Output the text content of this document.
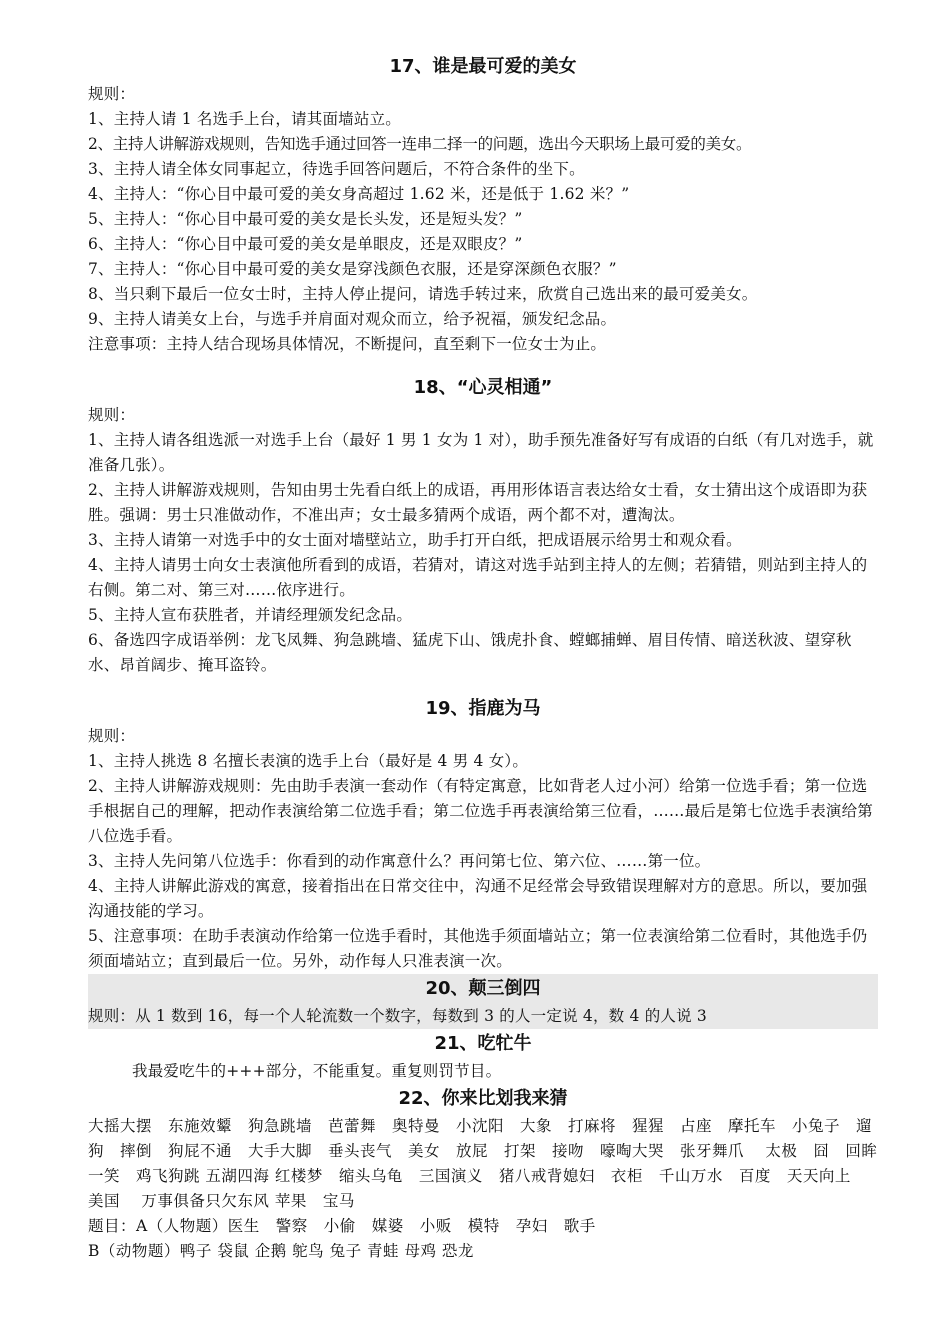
17、谁是最可爱的美女

规则：

1、主持人请 1 名选手上台，请其面墙站立。

2、主持人讲解游戏规则，告知选手通过回答一连串二择一的问题，选出今天职场上最可爱的美女。

3、主持人请全体女同事起立，待选手回答问题后，不符合条件的坐下。

4、主持人：“你心目中最可爱的美女身高超过 1.62 米，还是低于 1.62 米？”

5、主持人：“你心目中最可爱的美女是长头发，还是短头发？”

6、主持人：“你心目中最可爱的美女是单眼皮，还是双眼皮？”

7、主持人：“你心目中最可爱的美女是穿浅颜色衣服，还是穿深颜色衣服？”

8、当只剩下最后一位女士时，主持人停止提问，请选手转过来，欣赏自己选出来的最可爱美女。

9、主持人请美女上台，与选手并肩面对观众而立，给予祝福，颁发纪念品。

注意事项：主持人结合现场具体情况，不断提问，直至剩下一位女士为止。

18、“心灵相通”

规则：

1、主持人请各组选派一对选手上台（最好 1 男 1 女为 1 对），助手预先准备好写有成语的白纸（有几对选手，就准备几张）。

2、主持人讲解游戏规则，告知由男士先看白纸上的成语，再用形体语言表达给女士看，女士猜出这个成语即为获胜。强调：男士只准做动作，不准出声；女士最多猜两个成语，两个都不对，遭淘汰。

3、主持人请第一对选手中的女士面对墙壁站立，助手打开白纸，把成语展示给男士和观众看。

4、主持人请男士向女士表演他所看到的成语，若猜对，请这对选手站到主持人的左侧；若猜错，则站到主持人的右侧。第二对、第三对……依序进行。

5、主持人宣布获胜者，并请经理颁发纪念品。

6、备选四字成语举例：龙飞凤舞、狗急跳墙、猛虎下山、饿虎扑食、螳螂捕蝉、眉目传情、暗送秋波、望穿秋水、昂首阔步、掩耳盗铃。

19、指鹿为马

规则：

1、主持人挑选 8 名擅长表演的选手上台（最好是 4 男 4 女）。

2、主持人讲解游戏规则：先由助手表演一套动作（有特定寓意，比如背老人过小河）给第一位选手看；第一位选手根据自己的理解，把动作表演给第二位选手看；第二位选手再表演给第三位看，……最后是第七位选手表演给第八位选手看。

3、主持人先问第八位选手：你看到的动作寓意什么？再问第七位、第六位、……第一位。

4、主持人讲解此游戏的寓意，接着指出在日常交往中，沟通不足经常会导致错误理解对方的意思。所以，要加强沟通技能的学习。

5、注意事项：在助手表演动作给第一位选手看时，其他选手须面墙站立；第一位表演给第二位看时，其他选手仍须面墙站立；直到最后一位。另外，动作每人只准表演一次。

20、颠三倒四

规则：从 1 数到 16，每一个人轮流数一个数字，每数到 3 的人一定说 4，数 4 的人说 3

21、吃牤牛

我最爱吃牛的+++部分，不能重复。重复则罚节目。

22、你来比划我来猜

大摇大摆　东施效颦　狗急跳墙　芭蕾舞　奥特曼　小沈阳　大象　打麻将　猩猩　占座　摩托车　小兔子　遛狗　摔倒　狗屁不通　大手大脚　垂头丧气　美女　放屁　打架　接吻　嚎啕大哭　张牙舞爪　 太极　囧　回眸一笑　鸡飞狗跳 五湖四海 红楼梦　缩头乌龟　三国演义　猪八戒背媳妇　衣柜　千山万水　百度　天天向上　美国　 万事俱备只欠东风 苹果　宝马

题目：A（人物题）医生　警察　小偷　媒婆　小贩　模特　孕妇　歌手

B（动物题）鸭子 袋鼠 企鹅 鸵鸟 兔子 青蛙 母鸡 恐龙
